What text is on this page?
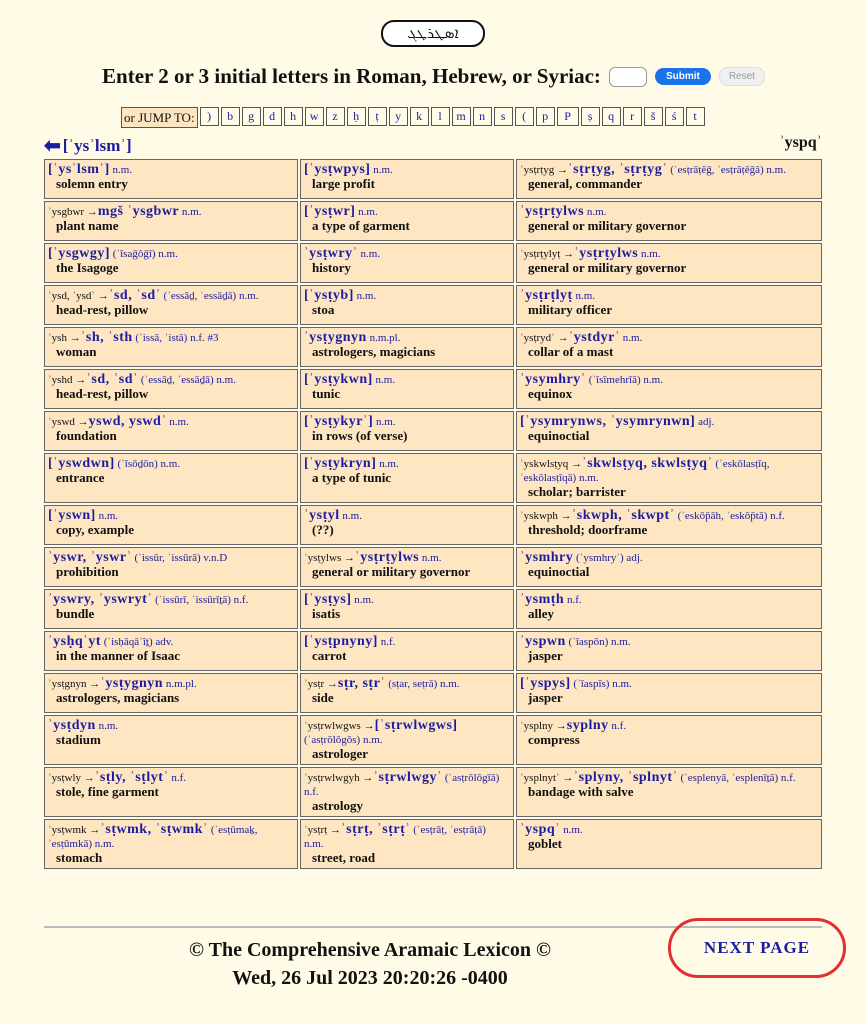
ܐܣܛܪܛܓ
Enter 2 or 3 initial letters in Roman, Hebrew, or Syriac:	Submit	Reset
or JUMP TO:	)	b	g	d	h	w	z	ḥ	ṭ	y	k	l	m	n	s	(	p	P	ṣ	q	r	š	ś	t
⬅ [ʾysʾlsmʾ]	ʾyspqʾ
[ʾysʾlsmʾ] n.m.
solemn entry
[ʾysṭwpys] n.m.
large profit
ʾysṭrṭyg →ʾsṭrṭyg, ʾsṭrṭygʾ (ʾesṭrāṭēḡ, ʾesṭrāṭēḡā) n.m.
general, commander
ʾysgbwr →mgš ʾysgbwr n.m.
plant name
[ʾysṭwr] n.m.
a type of garment
ʾysṭrṭylws n.m.
general or military governor
[ʾysgwgy] (ʾīsaḡōḡī) n.m.
the Isagoge
ʾysṭwryʾ n.m.
history
ʾysṭrṭylyṭ →ʾysṭrṭylws n.m.
general or military governor
ʾysd, ʾysdʾ →ʾsd, ʾsdʾ (ʾessāḏ, ʾessāḏā) n.m.
head-rest, pillow
[ʾysṭyb] n.m.
stoa
ʾysṭrṭlyṭ n.m.
military officer
ʾysh →ʾsh, ʾsth (ʾissā, ʾistā) n.f. #3
woman
ʾysṭygnyn n.m.pl.
astrologers, magicians
ʾysṭrydʾ →ʾystdyrʾ n.m.
collar of a mast
ʾyshd →ʾsd, ʾsdʾ (ʾessāḏ, ʾessāḏā) n.m.
head-rest, pillow
[ʾysṭykwn] n.m.
tunic
ʾysymhryʾ (ʾīsīmehrīā) n.m.
equinox
ʾyswd →yswd, yswdʾ n.m.
foundation
[ʾysṭykyrʾ] n.m.
in rows (of verse)
[ʾysymrynws, ʾysymrynwn] adj.
equinoctial
[ʾyswdwn] (ʾīsōḏōn) n.m.
entrance
[ʾysṭykryn] n.m.
a type of tunic
ʾyskwlsṭyq →ʾskwlsṭyq, skwlsṭyqʾ (ʾeskōlasṭīq, ʾeskōlasṭīqā) n.m.
scholar; barrister
[ʾyswn] n.m.
copy, example
ʾysṭyl n.m.
(??)
ʾyskwph →ʾskwph, ʾskwptʾ (ʾeskōp̄āh, ʾeskōp̄tā) n.f.
threshold; doorframe
ʾyswr, ʾyswrʾ (ʾissūr, ʾissūrā) v.n.D
prohibition
ʾysṭylws →ʾysṭrṭylws n.m.
general or military governor
ʾysmhry (ʾysmhryʾ) adj.
equinoctial
ʾyswry, ʾyswrytʾ (ʾissūrī, ʾissūrīṯā) n.f.
bundle
[ʾysṭys] n.m.
isatis
ʾysmṭh n.f.
alley
ʾysḥqʾyt (ʾisḥāqāʾīṯ) adv.
in the manner of Isaac
[ʾysṭpnyny] n.f.
carrot
ʾyspwn (ʾīaspōn) n.m.
jasper
ʾysṭgnyn →ʾysṭygnyn n.m.pl.
astrologers, magicians
ʾysṭr →sṭr, sṭrʾ (sṭar, seṭrā) n.m.
side
[ʾyspys] (ʾīaspīs) n.m.
jasper
ʾysṭdyn n.m.
stadium
ʾysṭrwlwgws →[ʾsṭrwlwgws] (ʾasṭrōlōgōs) n.m.
astrologer
ʾysplny →syplny n.f.
compress
ʾysṭwly →ʾsṭly, ʾsṭlytʾ n.f.
stole, fine garment
ʾysṭrwlwgyh →ʾsṭrwlwgyʾ (ʾasṭrōlōgīā) n.f.
astrology
ʾysplnytʾ →ʾsplyny, ʾsplnytʾ (ʾesplenyā, ʾesplenīṯā) n.f.
bandage with salve
ʾysṭwmk →ʾsṭwmk, ʾsṭwmkʾ (ʾesṭūmaḵ, ʾesṭūmkā) n.m.
stomach
ʾysṭrṭ →ʾsṭrṭ, ʾsṭrṭʾ (ʾesṭrāṭ, ʾesṭrāṭā) n.m.
street, road
ʾyspqʾ n.m.
goblet
© The Comprehensive Aramaic Lexicon ©
Wed, 26 Jul 2023 20:20:26 -0400
NEXT PAGE
